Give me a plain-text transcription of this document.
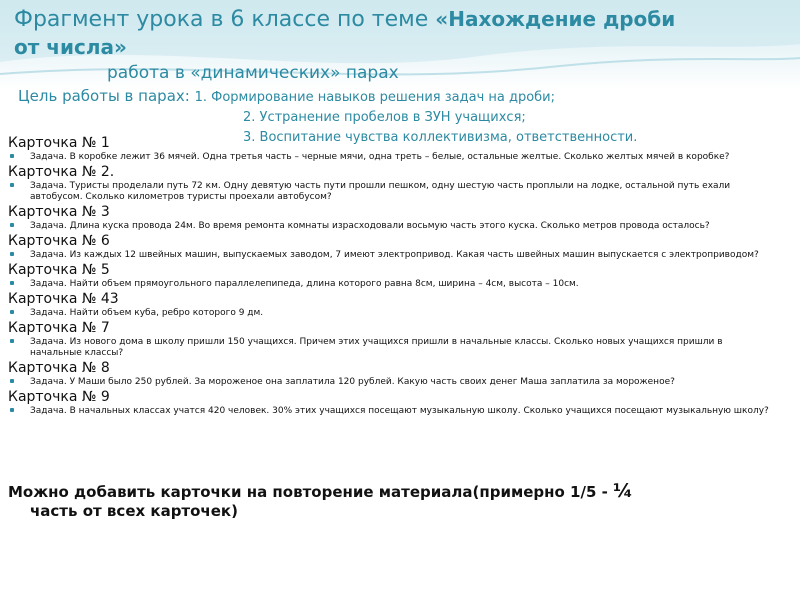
Фрагмент урока в 6 классе по теме «Нахождение дроби
от числа»
работа в «динамических» парах
Цель работы в парах: 1. Формирование навыков решения задач на дроби;
2. Устранение пробелов в ЗУН учащихся;
3. Воспитание чувства коллективизма, ответственности.
Карточка № 1
Задача. В коробке лежит 36 мячей. Одна третья часть – черные мячи, одна треть – белые, остальные желтые. Сколько желтых мячей в коробке?
Карточка № 2.
Задача. Туристы проделали путь 72 км. Одну девятую часть пути прошли пешком, одну шестую часть проплыли на лодке, остальной путь ехали автобусом. Сколько километров туристы проехали автобусом?
Карточка № 3
Задача. Длина куска провода 24м. Во время ремонта комнаты израсходовали восьмую часть этого куска. Сколько метров провода осталось?
Карточка № 6
Задача. Из каждых 12 швейных машин, выпускаемых заводом, 7 имеют электропривод. Какая часть швейных машин выпускается с электроприводом?
Карточка № 5
Задача. Найти объем прямоугольного параллелепипеда, длина которого равна 8см, ширина – 4см, высота – 10см.
Карточка № 43
Задача. Найти объем куба, ребро которого 9 дм.
Карточка № 7
Задача. Из нового дома в школу пришли 150 учащихся. Причем этих учащихся пришли в начальные классы. Сколько новых учащихся пришли в начальные классы?
Карточка № 8
Задача. У Маши было 250 рублей. За мороженое она заплатила 120 рублей. Какую часть своих денег Маша заплатила за мороженое?
Карточка № 9
Задача. В начальных классах учатся 420 человек. 30% этих учащихся посещают музыкальную школу. Сколько учащихся посещают музыкальную школу?
Можно добавить карточки на повторение материала(примерно 1/5 - ¼
часть от всех карточек)
